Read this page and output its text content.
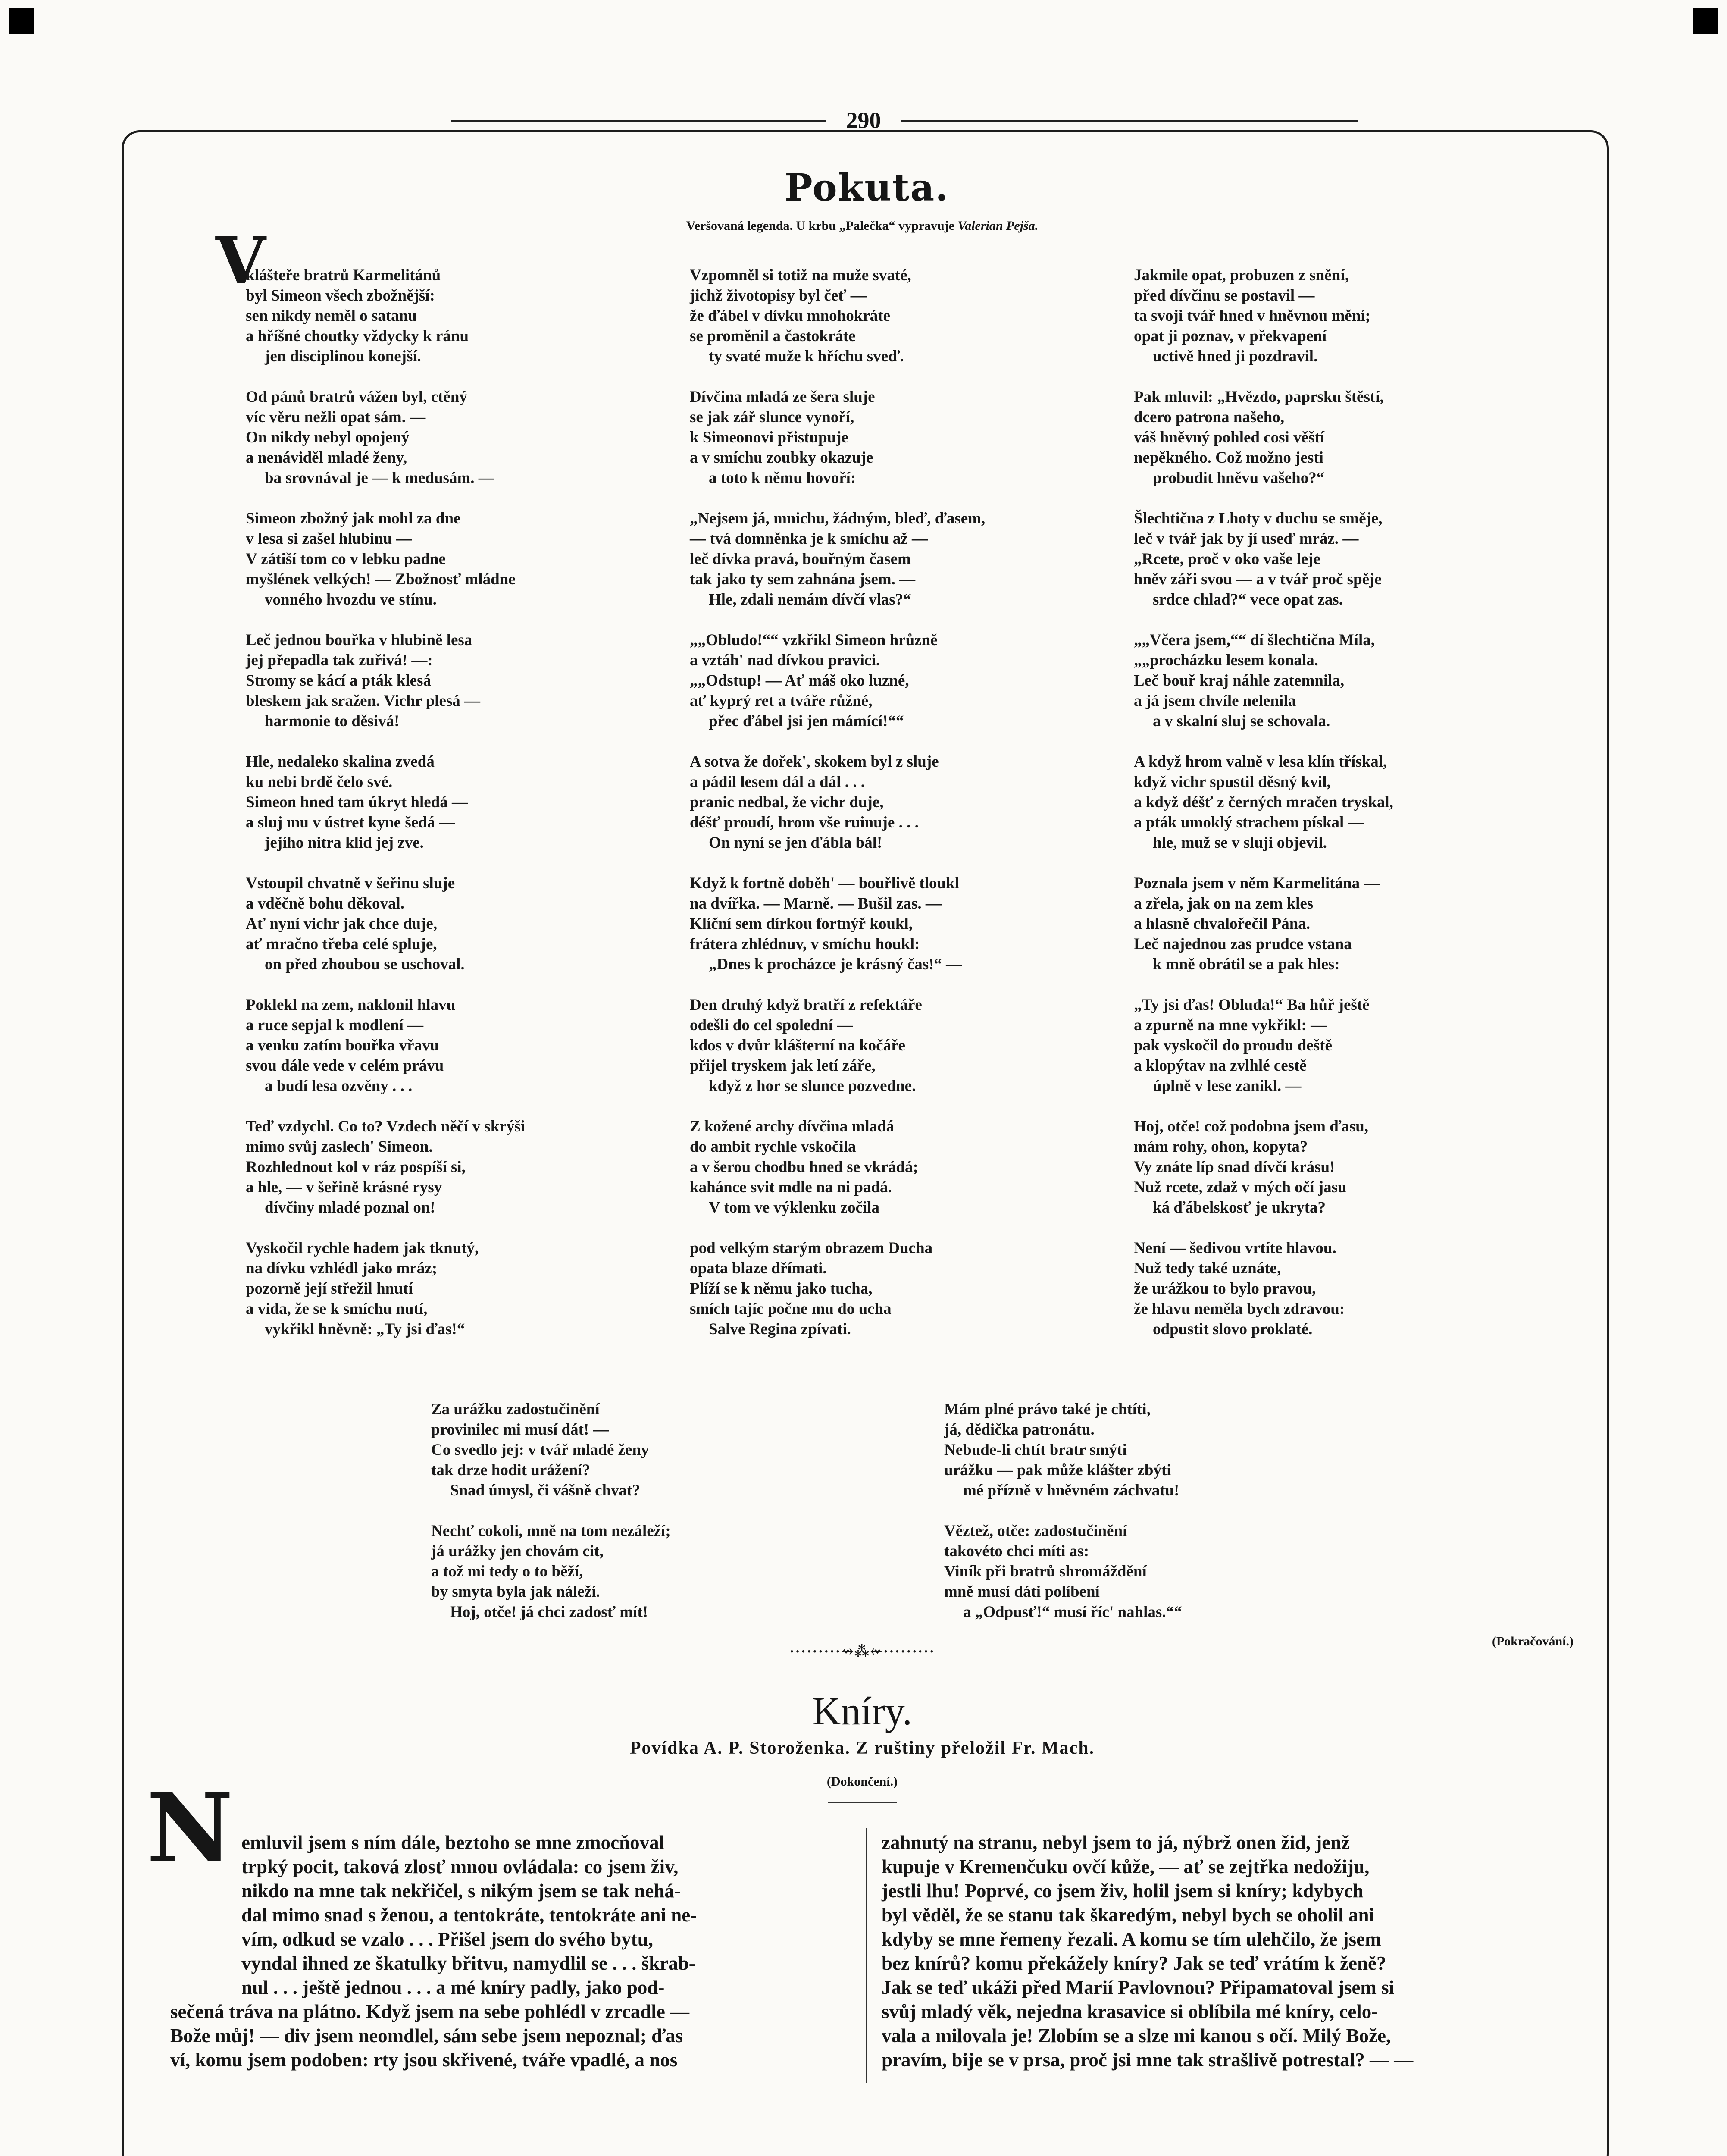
290
Pokuta.
Veršovaná legenda. U krbu „Palečka“ vypravuje Valerian Pejša.
V
klášteře bratrů Karmelitánů
byl Simeon všech zbožnější:
sen nikdy neměl o satanu
a hříšné choutky vždycky k ránu
jen disciplinou konejší.
Od pánů bratrů vážen byl, ctěný
víc věru nežli opat sám. —
On nikdy nebyl opojený
a nenáviděl mladé ženy,
ba srovnával je — k medusám. —
Simeon zbožný jak mohl za dne
v lesa si zašel hlubinu —
V zátiší tom co v lebku padne
myšlének velkých! — Zbožnosť mládne
vonného hvozdu ve stínu.
Leč jednou bouřka v hlubině lesa
jej přepadla tak zuřivá! —:
Stromy se kácí a pták klesá
bleskem jak sražen. Vichr plesá —
harmonie to děsivá!
Hle, nedaleko skalina zvedá
ku nebi brdě čelo své.
Simeon hned tam úkryt hledá —
a sluj mu v ústret kyne šedá —
jejího nitra klid jej zve.
Vstoupil chvatně v šeřinu sluje
a vděčně bohu děkoval.
Ať nyní vichr jak chce duje,
ať mračno třeba celé spluje,
on před zhoubou se uschoval.
Poklekl na zem, naklonil hlavu
a ruce sepjal k modlení —
a venku zatím bouřka vřavu
svou dále vede v celém právu
a budí lesa ozvěny . . .
Teď vzdychl. Co to? Vzdech něčí v skrýši
mimo svůj zaslech' Simeon.
Rozhlednout kol v ráz pospíší si,
a hle, — v šeřině krásné rysy
dívčiny mladé poznal on!
Vyskočil rychle hadem jak tknutý,
na dívku vzhlédl jako mráz;
pozorně její střežil hnutí
a vida, že se k smíchu nutí,
vykřikl hněvně: „Ty jsi ďas!“
Vzpomněl si totiž na muže svaté,
jichž životopisy byl čeť —
že ďábel v dívku mnohokráte
se proměnil a častokráte
ty svaté muže k hříchu sveď.
Dívčina mladá ze šera sluje
se jak zář slunce vynoří,
k Simeonovi přistupuje
a v smíchu zoubky okazuje
a toto k němu hovoří:
„Nejsem já, mnichu, žádným, bleď, ďasem,
— tvá domněnka je k smíchu až —
leč dívka pravá, bouřným časem
tak jako ty sem zahnána jsem. —
Hle, zdali nemám dívčí vlas?“
„„Obludo!““ vzkřikl Simeon hrůzně
a vztáh' nad dívkou pravici.
„„Odstup! — Ať máš oko luzné,
ať kyprý ret a tváře růžné,
přec ďábel jsi jen mámící!““
A sotva že dořek', skokem byl z sluje
a pádil lesem dál a dál . . .
pranic nedbal, že vichr duje,
déšť proudí, hrom vše ruinuje . . .
On nyní se jen ďábla bál!
Když k fortně doběh' — bouřlivě tloukl
na dvířka. — Marně. — Bušil zas. —
Klíční sem dírkou fortnýř koukl,
frátera zhlédnuv, v smíchu houkl:
„Dnes k procházce je krásný čas!“ —
Den druhý když bratří z refektáře
odešli do cel spolední —
kdos v dvůr klášterní na kočáře
přijel tryskem jak letí záře,
když z hor se slunce pozvedne.
Z kožené archy dívčina mladá
do ambit rychle vskočila
a v šerou chodbu hned se vkrádá;
kahánce svit mdle na ni padá.
V tom ve výklenku zočila
pod velkým starým obrazem Ducha
opata blaze dřímati.
Plíží se k němu jako tucha,
smích tajíc počne mu do ucha
Salve Regina zpívati.
Jakmile opat, probuzen z snění,
před dívčinu se postavil —
ta svoji tvář hned v hněvnou mění;
opat ji poznav, v překvapení
uctivě hned ji pozdravil.
Pak mluvil: „Hvězdo, paprsku štěstí,
dcero patrona našeho,
váš hněvný pohled cosi věští
nepěkného. Což možno jesti
probudit hněvu vašeho?“
Šlechtična z Lhoty v duchu se směje,
leč v tvář jak by jí useď mráz. —
„Rcete, proč v oko vaše leje
hněv záři svou — a v tvář proč spěje
srdce chlad?“ vece opat zas.
„„Včera jsem,““ dí šlechtična Míla,
„„procházku lesem konala.
Leč bouř kraj náhle zatemnila,
a já jsem chvíle nelenila
a v skalní sluj se schovala.
A když hrom valně v lesa klín třískal,
když vichr spustil děsný kvil,
a když déšť z černých mračen tryskal,
a pták umoklý strachem pískal —
hle, muž se v sluji objevil.
Poznala jsem v něm Karmelitána —
a zřela, jak on na zem kles
a hlasně chvalořečil Pána.
Leč najednou zas prudce vstana
k mně obrátil se a pak hles:
„Ty jsi ďas! Obluda!“ Ba hůř ještě
a zpurně na mne vykřikl: —
pak vyskočil do proudu deště
a klopýtav na zvlhlé cestě
úplně v lese zanikl. —
Hoj, otče! což podobna jsem ďasu,
mám rohy, ohon, kopyta?
Vy znáte líp snad dívčí krásu!
Nuž rcete, zdaž v mých očí jasu
ká ďábelskosť je ukryta?
Není — šedivou vrtíte hlavou.
Nuž tedy také uznáte,
že urážkou to bylo pravou,
že hlavu neměla bych zdravou:
odpustit slovo proklaté.
Za urážku zadostučinění
provinilec mi musí dát! —
Co svedlo jej: v tvář mladé ženy
tak drze hodit urážení?
Snad úmysl, či vášně chvat?
Nechť cokoli, mně na tom nezáleží;
já urážky jen chovám cit,
a tož mi tedy o to běží,
by smyta byla jak náleží.
Hoj, otče! já chci zadosť mít!
Mám plné právo také je chtíti,
já, dědička patronátu.
Nebude-li chtít bratr smýti
urážku — pak může klášter zbýti
mé přízně v hněvném záchvatu!
Věztež, otče: zadostučinění
takovéto chci míti as:
Viník při bratrů shromáždění
mně musí dáti políbení
a „Odpusť!“ musí říc' nahlas.““
·········⇝⁂⇜·········
(Pokračování.)
Kníry.
Povídka A. P. Storoženka. Z ruštiny přeložil Fr. Mach.
(Dokončení.)
N emluvil jsem s ním dále, beztoho se mne zmocňoval
trpký pocit, taková zlosť mnou ovládala: co jsem živ,
nikdo na mne tak nekřičel, s nikým jsem se tak nehá-
dal mimo snad s ženou, a tentokráte, tentokráte ani ne-
vím, odkud se vzalo . . . Přišel jsem do svého bytu,
vyndal ihned ze škatulky břitvu, namydlil se . . . škrab-
nul . . . ještě jednou . . . a mé kníry padly, jako pod-
sečená tráva na plátno. Když jsem na sebe pohlédl v zrcadle —
Bože můj! — div jsem neomdlel, sám sebe jsem nepoznal; ďas
ví, komu jsem podoben: rty jsou skřivené, tváře vpadlé, a nos
zahnutý na stranu, nebyl jsem to já, nýbrž onen žid, jenž
kupuje v Kremenčuku ovčí kůže, — ať se zejtřka nedožiju,
jestli lhu! Poprvé, co jsem živ, holil jsem si kníry; kdybych
byl věděl, že se stanu tak škaredým, nebyl bych se oholil ani
kdyby se mne řemeny řezali. A komu se tím ulehčilo, že jsem
bez knírů? komu překážely kníry? Jak se teď vrátím k ženě?
Jak se teď ukáži před Marií Pavlovnou? Připamatoval jsem si
svůj mladý věk, nejedna krasavice si oblíbila mé kníry, celo-
vala a milovala je! Zlobím se a slze mi kanou s očí. Milý Bože,
pravím, bije se v prsa, proč jsi mne tak strašlivě potrestal? — —
